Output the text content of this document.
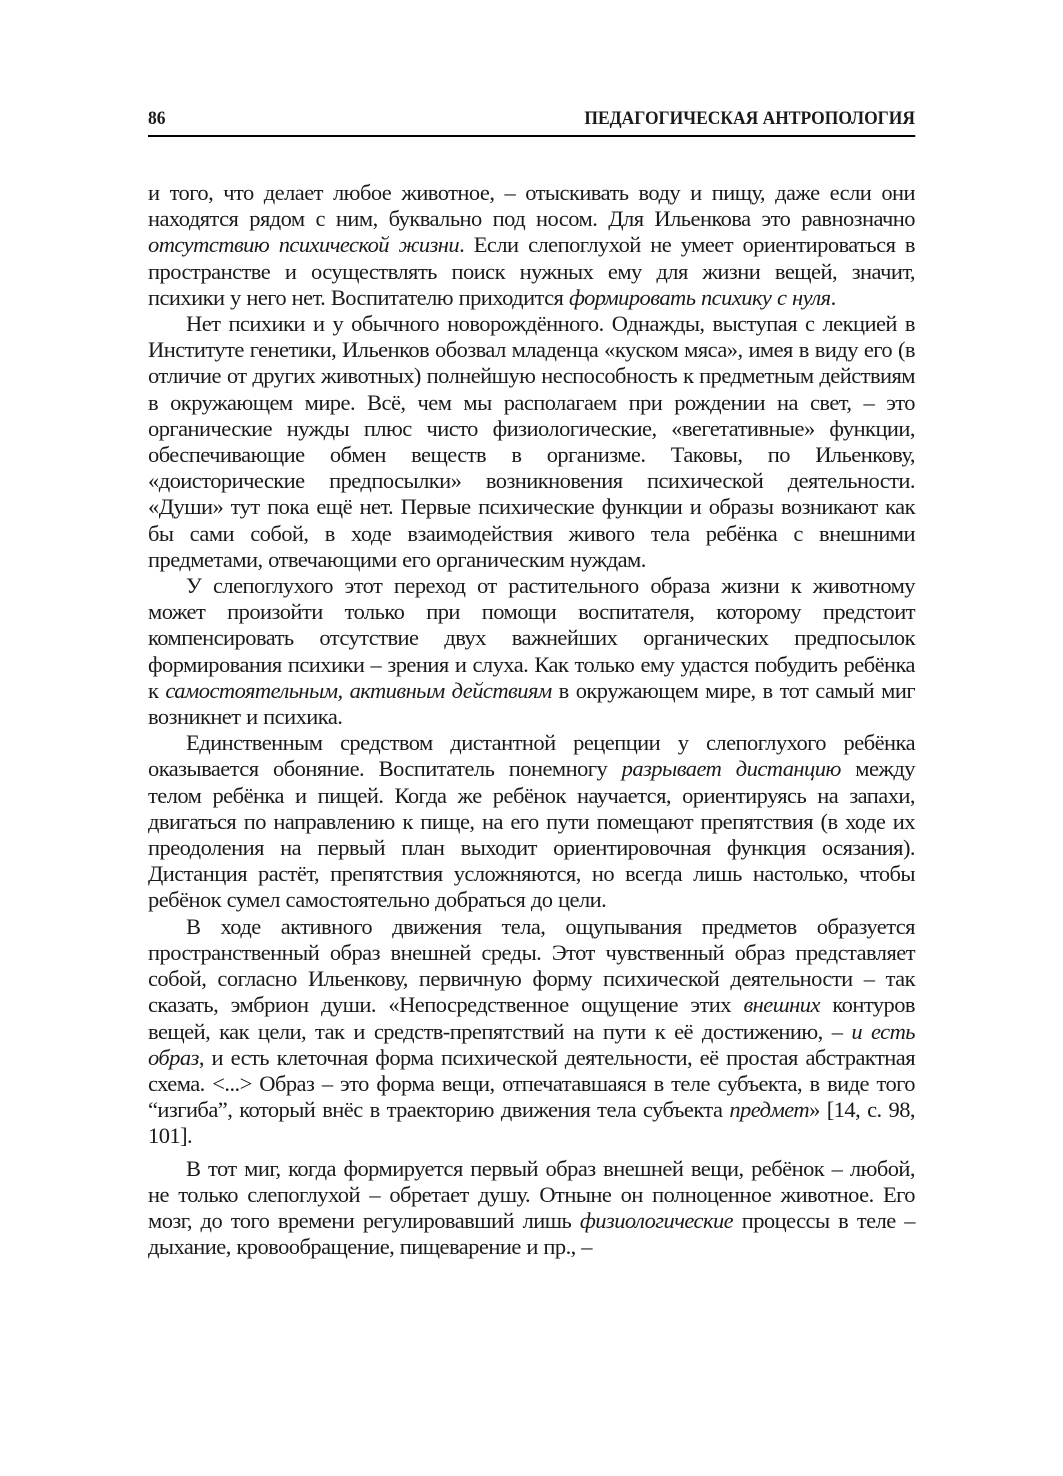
86	ПЕДАГОГИЧЕСКАЯ АНТРОПОЛОГИЯ

и того, что делает любое животное, – отыскивать воду и пищу, даже если они находятся рядом с ним, буквально под носом. Для Ильенкова это равнозначно отсутствию психической жизни. Если слепоглухой не умеет ориентироваться в пространстве и осуществлять поиск нужных ему для жизни вещей, значит, психики у него нет. Воспитателю приходится формировать психику с нуля.

Нет психики и у обычного новорождённого. Однажды, выступая с лекцией в Институте генетики, Ильенков обозвал младенца «куском мяса», имея в виду его (в отличие от других животных) полнейшую неспособность к предметным действиям в окружающем мире. Всё, чем мы располагаем при рождении на свет, – это органические нужды плюс чисто физиологические, «вегетативные» функции, обеспечивающие обмен веществ в организме. Таковы, по Ильенкову, «доисторические предпосылки» возникновения психической деятельности. «Души» тут пока ещё нет. Первые психические функции и образы возникают как бы сами собой, в ходе взаимодействия живого тела ребёнка с внешними предметами, отвечающими его органическим нуждам.

У слепоглухого этот переход от растительного образа жизни к животному может произойти только при помощи воспитателя, которому предстоит компенсировать отсутствие двух важнейших органических предпосылок формирования психики – зрения и слуха. Как только ему удастся побудить ребёнка к самостоятельным, активным действиям в окружающем мире, в тот самый миг возникнет и психика.

Единственным средством дистантной рецепции у слепоглухого ребёнка оказывается обоняние. Воспитатель понемногу разрывает дистанцию между телом ребёнка и пищей. Когда же ребёнок научается, ориентируясь на запахи, двигаться по направлению к пище, на его пути помещают препятствия (в ходе их преодоления на первый план выходит ориентировочная функция осязания). Дистанция растёт, препятствия усложняются, но всегда лишь настолько, чтобы ребёнок сумел самостоятельно добраться до цели.

В ходе активного движения тела, ощупывания предметов образуется пространственный образ внешней среды. Этот чувственный образ представляет собой, согласно Ильенкову, первичную форму психической деятельности – так сказать, эмбрион души. «Непосредственное ощущение этих внешних контуров вещей, как цели, так и средств-препятствий на пути к её достижению, – и есть образ, и есть клеточная форма психической деятельности, её простая абстрактная схема. <...> Образ – это форма вещи, отпечатавшаяся в теле субъекта, в виде того “изгиба”, который внёс в траекторию движения тела субъекта предмет» [14, с. 98, 101].

В тот миг, когда формируется первый образ внешней вещи, ребёнок – любой, не только слепоглухой – обретает душу. Отныне он полноценное животное. Его мозг, до того времени регулировавший лишь физиологические процессы в теле – дыхание, кровообращение, пищеварение и пр., –
